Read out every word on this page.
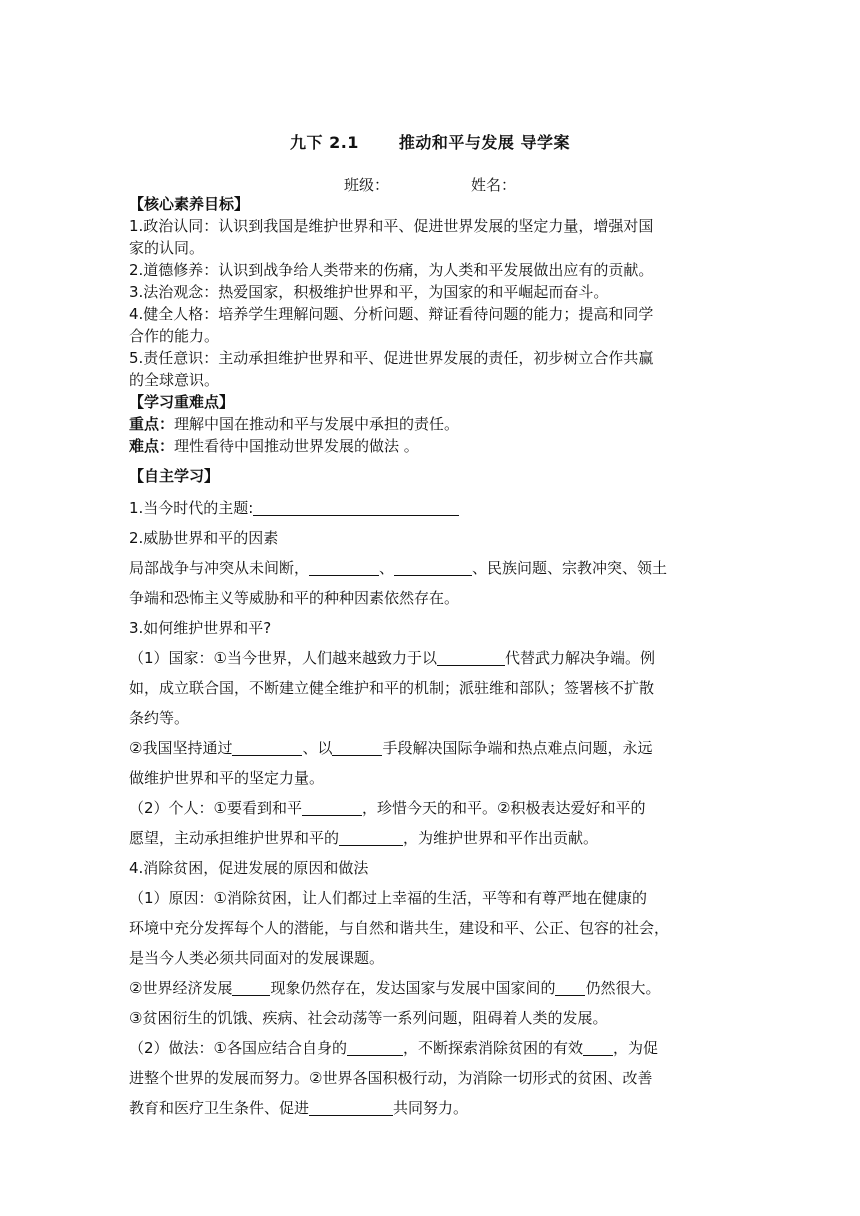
九下 2.1	推动和平与发展 导学案
班级：	姓名：
【核心素养目标】
1.政治认同：认识到我国是维护世界和平、促进世界发展的坚定力量，增强对国
家的认同。
2.道德修养：认识到战争给人类带来的伤痛，为人类和平发展做出应有的贡献。
3.法治观念：热爱国家，积极维护世界和平，为国家的和平崛起而奋斗。
4.健全人格：培养学生理解问题、分析问题、辩证看待问题的能力；提高和同学
合作的能力。
5.责任意识：主动承担维护世界和平、促进世界发展的责任，初步树立合作共赢
的全球意识。
【学习重难点】
重点：理解中国在推动和平与发展中承担的责任。
难点：理性看待中国推动世界发展的做法 。
【自主学习】
1.当今时代的主题:
2.威胁世界和平的因素
局部战争与冲突从未间断，	、	、民族问题、宗教冲突、领土
争端和恐怖主义等威胁和平的种种因素依然存在。
3.如何维护世界和平?
（1）国家：①当今世界，人们越来越致力于以	代替武力解决争端。例
如，成立联合国，不断建立健全维护和平的机制；派驻维和部队；签署核不扩散
条约等。
②我国坚持通过	、以	手段解决国际争端和热点难点问题，永远
做维护世界和平的坚定力量。
（2）个人：①要看到和平	，珍惜今天的和平。②积极表达爱好和平的
愿望，主动承担维护世界和平的	，为维护世界和平作出贡献。
4.消除贫困，促进发展的原因和做法
（1）原因：①消除贫困，让人们都过上幸福的生活，平等和有尊严地在健康的
环境中充分发挥每个人的潜能，与自然和谐共生，建设和平、公正、包容的社会，
是当今人类必须共同面对的发展课题。
②世界经济发展	现象仍然存在，发达国家与发展中国家间的 仍然很大。
③贫困衍生的饥饿、疾病、社会动荡等一系列问题，阻碍着人类的发展。
（2）做法：①各国应结合自身的	，不断探索消除贫困的有效 ，为促
进整个世界的发展而努力。②世界各国积极行动，为消除一切形式的贫困、改善
教育和医疗卫生条件、促进	共同努力。
